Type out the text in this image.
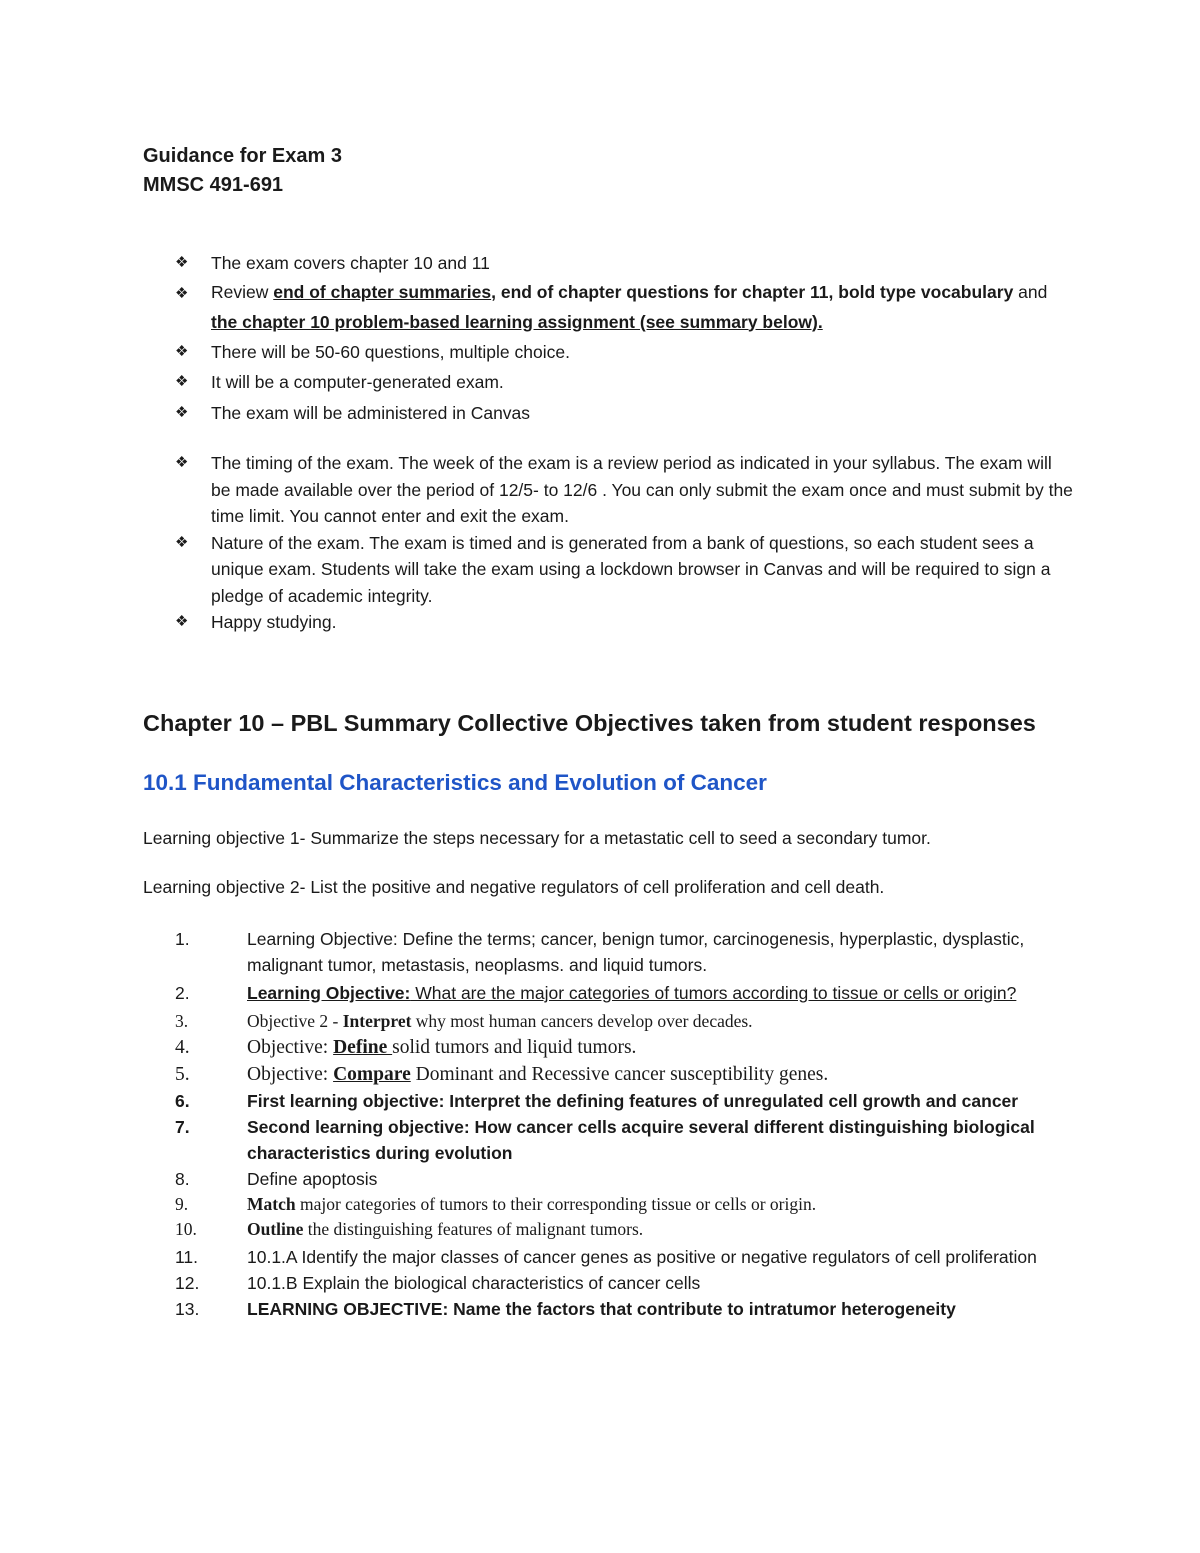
Guidance for Exam 3
MMSC 491-691
❖ The exam covers chapter 10 and 11
❖ Review end of chapter summaries, end of chapter questions for chapter 11, bold type vocabulary and the chapter 10 problem-based learning assignment (see summary below).
❖ There will be 50-60 questions, multiple choice.
❖ It will be a computer-generated exam.
❖ The exam will be administered in Canvas
❖ The timing of the exam. The week of the exam is a review period as indicated in your syllabus. The exam will be made available over the period of 12/5- to 12/6 . You can only submit the exam once and must submit by the time limit. You cannot enter and exit the exam.
❖ Nature of the exam. The exam is timed and is generated from a bank of questions, so each student sees a unique exam. Students will take the exam using a lockdown browser in Canvas and will be required to sign a pledge of academic integrity.
❖ Happy studying.
Chapter 10 – PBL Summary Collective Objectives taken from student responses
10.1 Fundamental Characteristics and Evolution of Cancer

Learning objective 1- Summarize the steps necessary for a metastatic cell to seed a secondary tumor.

Learning objective 2- List the positive and negative regulators of cell proliferation and cell death.

1.	Learning Objective: Define the terms; cancer, benign tumor, carcinogenesis, hyperplastic, dysplastic, malignant tumor, metastasis, neoplasms. and liquid tumors.
2.	Learning Objective: What are the major categories of tumors according to tissue or cells or origin?
3.	Objective 2 - Interpret why most human cancers develop over decades.
4.	Objective: Define solid tumors and liquid tumors.
5.	Objective: Compare Dominant and Recessive cancer susceptibility genes.
6.	First learning objective: Interpret the defining features of unregulated cell growth and cancer
7.	Second learning objective: How cancer cells acquire several different distinguishing biological characteristics during evolution
8.	Define apoptosis
9.	Match major categories of tumors to their corresponding tissue or cells or origin.
10.	Outline the distinguishing features of malignant tumors.
11.	10.1.A Identify the major classes of cancer genes as positive or negative regulators of cell proliferation
12.	10.1.B Explain the biological characteristics of cancer cells
13.	LEARNING OBJECTIVE: Name the factors that contribute to intratumor heterogeneity
